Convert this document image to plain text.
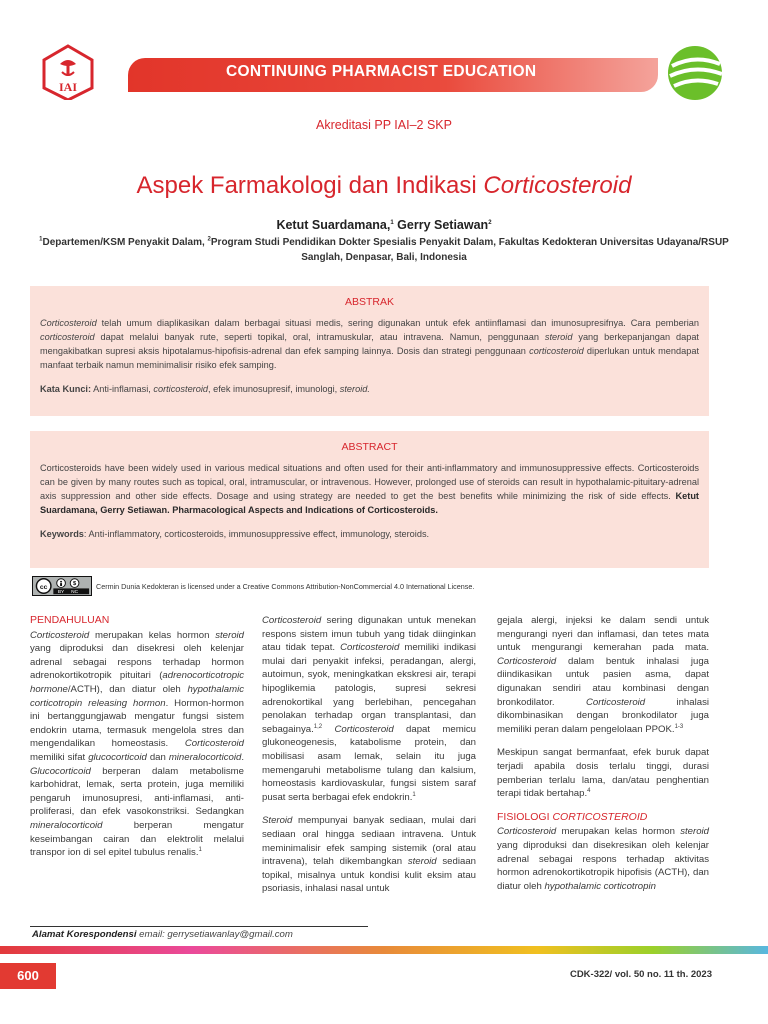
IAI
CONTINUING PHARMACIST EDUCATION
Akreditasi PP IAI–2 SKP
Aspek Farmakologi dan Indikasi Corticosteroid
Ketut Suardamana,$^1$ Gerry Setiawan$^2$
$^1$Departemen/KSM Penyakit Dalam, $^2$Program Studi Pendidikan Dokter Spesialis Penyakit Dalam, Fakultas Kedokteran Universitas Udayana/RSUP Sanglah, Denpasar, Bali, Indonesia
ABSTRAK
Corticosteroid telah umum diaplikasikan dalam berbagai situasi medis, sering digunakan untuk efek antiinflamasi dan imunosupresifnya. Cara pemberian corticosteroid dapat melalui banyak rute, seperti topikal, oral, intramuskular, atau intravena. Namun, penggunaan steroid yang berkepanjangan dapat mengakibatkan supresi aksis hipotalamus-hipofisis-adrenal dan efek samping lainnya. Dosis dan strategi penggunaan corticosteroid diperlukan untuk mendapat manfaat terbaik namun meminimalisir risiko efek samping.
Kata Kunci: Anti-inflamasi, corticosteroid, efek imunosupresif, imunologi, steroid.
ABSTRACT
Corticosteroids have been widely used in various medical situations and often used for their anti-inflammatory and immunosuppressive effects. Corticosteroids can be given by many routes such as topical, oral, intramuscular, or intravenous. However, prolonged use of steroids can result in hypothalamic-pituitary-adrenal axis suppression and other side effects. Dosage and using strategy are needed to get the best benefits while minimizing the risk of side effects. Ketut Suardamana, Gerry Setiawan. Pharmacological Aspects and Indications of Corticosteroids.
Keywords: Anti-inflammatory, corticosteroids, immunosuppressive effect, immunology, steroids.
cc	$
BY NC
Cermin Dunia Kedokteran is licensed under a Creative Commons Attribution-NonCommercial 4.0 International License.
PENDAHULUAN

Corticosteroid merupakan kelas hormon steroid yang diproduksi dan disekresi oleh kelenjar adrenal sebagai respons terhadap hormon adrenokortikotropik pituitari (adrenocorticotropic hormone/ACTH), dan diatur oleh hypothalamic corticotropin releasing hormon. Hormon-hormon ini bertanggungjawab mengatur fungsi sistem endokrin utama, termasuk mengelola stres dan mengendalikan homeostasis. Corticosteroid memiliki sifat glucocorticoid dan mineralocorticoid. Glucocorticoid berperan dalam metabolisme karbohidrat, lemak, serta protein, juga memiliki pengaruh imunosupresi, anti-inflamasi, anti-proliferasi, dan efek vasokonstriksi. Sedangkan mineralocorticoid berperan mengatur keseimbangan cairan dan elektrolit melalui transpor ion di sel epitel tubulus renalis.$^1$

Corticosteroid sering digunakan untuk menekan respons sistem imun tubuh yang tidak diinginkan atau tidak tepat. Corticosteroid memiliki indikasi mulai dari penyakit infeksi, peradangan, alergi, autoimun, syok, meningkatkan ekskresi air, terapi hipoglikemia patologis, supresi sekresi adrenokortikal yang berlebihan, pencegahan penolakan terhadap organ transplantasi, dan sebagainya.$^{1,2}$ Corticosteroid dapat memicu glukoneogenesis, katabolisme protein, dan mobilisasi asam lemak, selain itu juga memengaruhi metabolisme tulang dan kalsium, homeostasis kardiovaskular, fungsi sistem saraf pusat serta berbagai efek endokrin.$^1$

Steroid mempunyai banyak sediaan, mulai dari sediaan oral hingga sediaan intravena. Untuk meminimalisir efek samping sistemik (oral atau intravena), telah dikembangkan steroid sediaan topikal, misalnya untuk kondisi kulit eksim atau psoriasis, inhalasi nasal untuk

gejala alergi, injeksi ke dalam sendi untuk mengurangi nyeri dan inflamasi, dan tetes mata untuk mengurangi kemerahan pada mata. Corticosteroid dalam bentuk inhalasi juga diindikasikan untuk pasien asma, dapat digunakan sendiri atau kombinasi dengan bronkodilator. Corticosteroid inhalasi dikombinasikan dengan bronkodilator juga memiliki peran dalam pengelolaan PPOK.$^{1-3}$

Meskipun sangat bermanfaat, efek buruk dapat terjadi apabila dosis terlalu tinggi, durasi pemberian terlalu lama, dan/atau penghentian terapi tidak bertahap.$^4$

FISIOLOGI CORTICOSTEROID

Corticosteroid merupakan kelas hormon steroid yang diproduksi dan disekresikan oleh kelenjar adrenal sebagai respons terhadap aktivitas hormon adrenokortikotropik hipofisis (ACTH), dan diatur oleh hypothalamic corticotropin

Alamat Korespondensi email: gerrysetiawanlay@gmail.com
600	CDK-322/ vol. 50 no. 11 th. 2023
